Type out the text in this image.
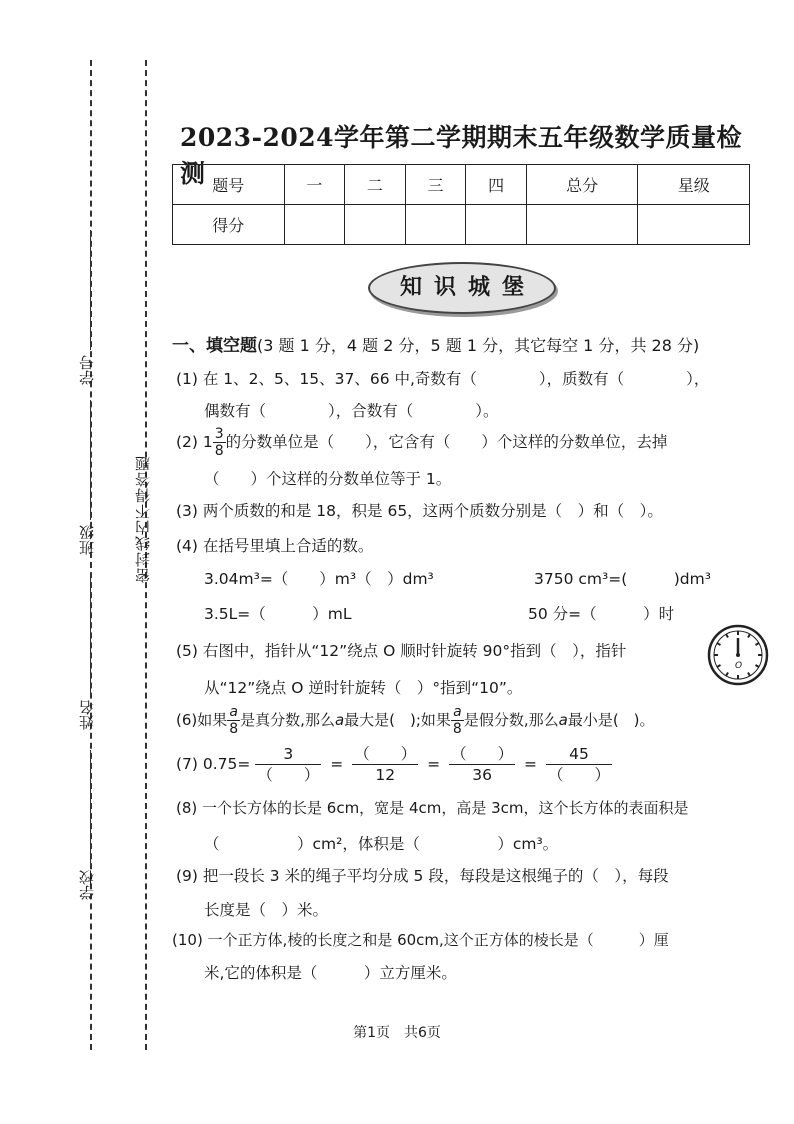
学号
班级
姓名
学校
密封线内不得答题
2023-2024学年第二学期期末五年级数学质量检测 题号	一	二	三	四	总分	星级
得分						
知识城堡
一、填空题(3 题 1 分，4 题 2 分，5 题 1 分，其它每空 1 分，共 28 分)
(1) 在 1、2、5、15、37、66 中,奇数有（　　　　），质数有（　　　　），
偶数有（　　　　），合数有（　　　　）。
(2) $1 \frac{3}{8}$ 的分数单位是（　　），它含有（　　）个这样的分数单位，去掉
（　　）个这样的分数单位等于 1。
(3) 两个质数的和是 18，积是 65，这两个质数分别是（　）和（　）。
(4) 在括号里填上合适的数。
3.04m³=（　　）m³（　）dm³	3750 cm³=(　　　)dm³
3.5L=（　　　）mL	50 分=（　　　）时
(5) 右图中，指针从“12”绕点 O 顺时针旋转 90°指到（　），指针
从“12”绕点 O 逆时针旋转（　）°指到“10”。
(6)如果 $\frac{a}{8}$ 是真分数,那么a最大是(　);如果 $\frac{a}{8}$ 是假分数,那么a最小是(　)。
(7) $0.75= \frac{3}{( )} = \frac{( )}{12} = \frac{( )}{36} = \frac{45}{( )}$
(8) 一个长方体的长是 6cm，宽是 4cm，高是 3cm，这个长方体的表面积是
（　　　　　）cm²，体积是（　　　　　）cm³。
(9) 把一段长 3 米的绳子平均分成 5 段，每段是这根绳子的（　），每段
长度是（　）米。
(10) 一个正方体,棱的长度之和是 60cm,这个正方体的棱长是（　　　）厘
米,它的体积是（　　　）立方厘米。
O
第1页　共6页
